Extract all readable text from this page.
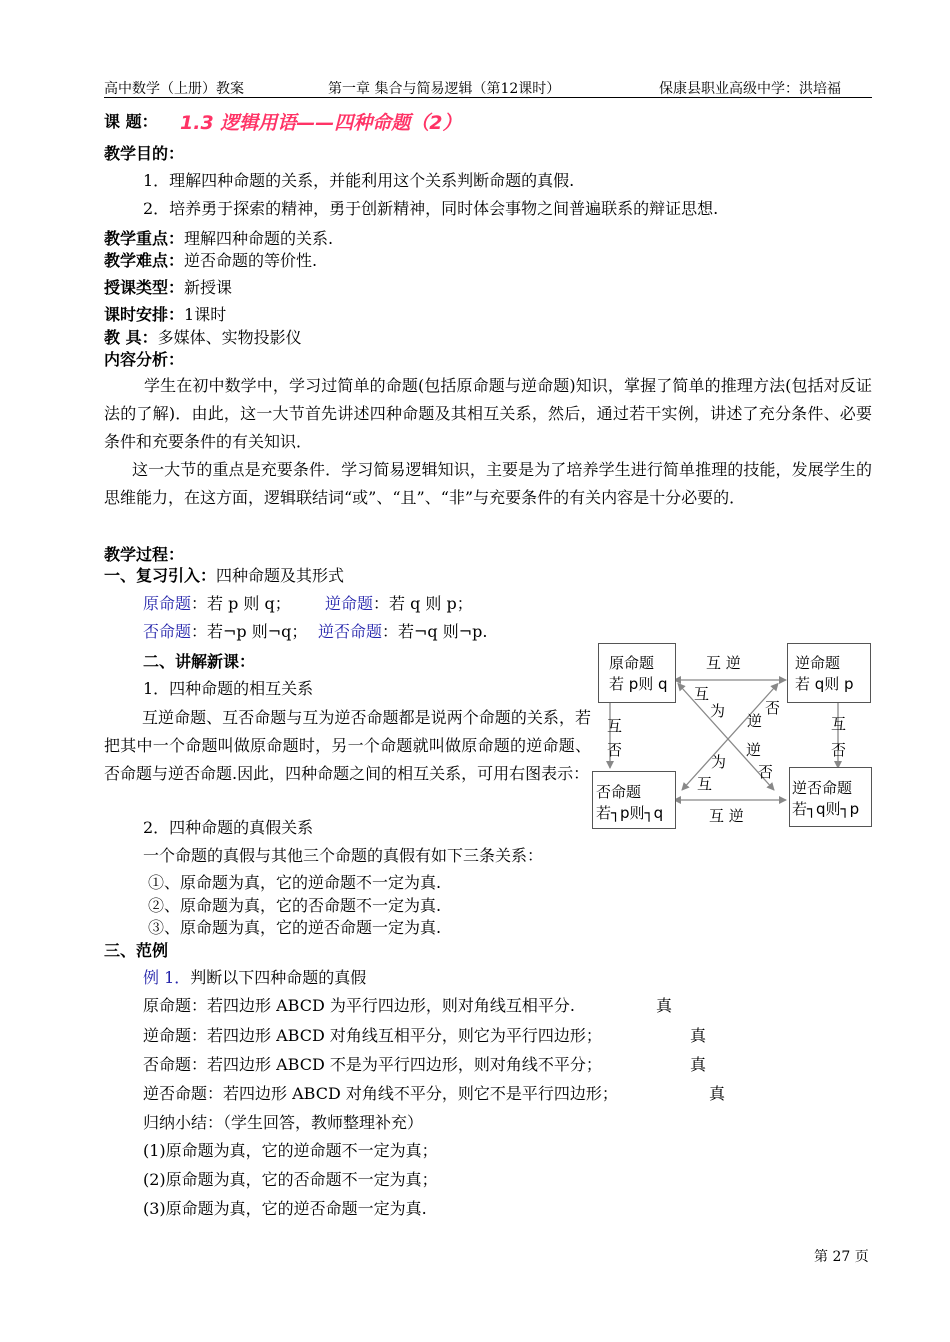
高中数学（上册）教案	第一章 集合与简易逻辑（第12课时）	保康县职业高级中学：洪培福
课 题： 1.3 逻辑用语——四种命题（2）
教学目的：
1．理解四种命题的关系，并能利用这个关系判断命题的真假.
2．培养勇于探索的精神，勇于创新精神，同时体会事物之间普遍联系的辩证思想.
教学重点：理解四种命题的关系.
教学难点：逆否命题的等价性.
授课类型：新授课
课时安排：1课时
教 具：多媒体、实物投影仪
内容分析：
学生在初中数学中，学习过简单的命题(包括原命题与逆命题)知识，掌握了简单的推理方法(包括对反证法的了解)．由此，这一大节首先讲述四种命题及其相互关系，然后，通过若干实例，讲述了充分条件、必要条件和充要条件的有关知识．
这一大节的重点是充要条件．学习简易逻辑知识，主要是为了培养学生进行简单推理的技能，发展学生的思维能力，在这方面，逻辑联结词“或”、“且”、“非”与充要条件的有关内容是十分必要的．
教学过程：
一、复习引入：四种命题及其形式
原命题：若 p 则 q； 逆命题：若 q 则 p；
否命题：若¬p 则¬q； 逆否命题：若¬q 则¬p.
二、讲解新课：
1．四种命题的相互关系
互逆命题、互否命题与互为逆否命题都是说两个命题的关系，若把其中一个命题叫做原命题时，另一个命题就叫做原命题的逆命题、否命题与逆否命题.因此，四种命题之间的相互关系，可用右图表示：
2．四种命题的真假关系
一个命题的真假与其他三个命题的真假有如下三条关系：
①、原命题为真，它的逆命题不一定为真.
②、原命题为真，它的否命题不一定为真.
③、原命题为真，它的逆否命题一定为真.
原命题
若 p则 q
逆命题
若 q则 p
否命题
若┐p则┐q
逆否命题
若┐q则┐p
互 逆
互 逆
互
否
互
否
互
为
逆
否
否
逆
为
互
三、范例
例 1．判断以下四种命题的真假
原命题：若四边形 ABCD 为平行四边形，则对角线互相平分.	真
逆命题：若四边形 ABCD 对角线互相平分，则它为平行四边形；	真
否命题：若四边形 ABCD 不是为平行四边形，则对角线不平分；	真
逆否命题：若四边形 ABCD 对角线不平分，则它不是平行四边形；	真
归纳小结：（学生回答，教师整理补充）
(1)原命题为真，它的逆命题不一定为真；
(2)原命题为真，它的否命题不一定为真；
(3)原命题为真，它的逆否命题一定为真.
第 27 页
